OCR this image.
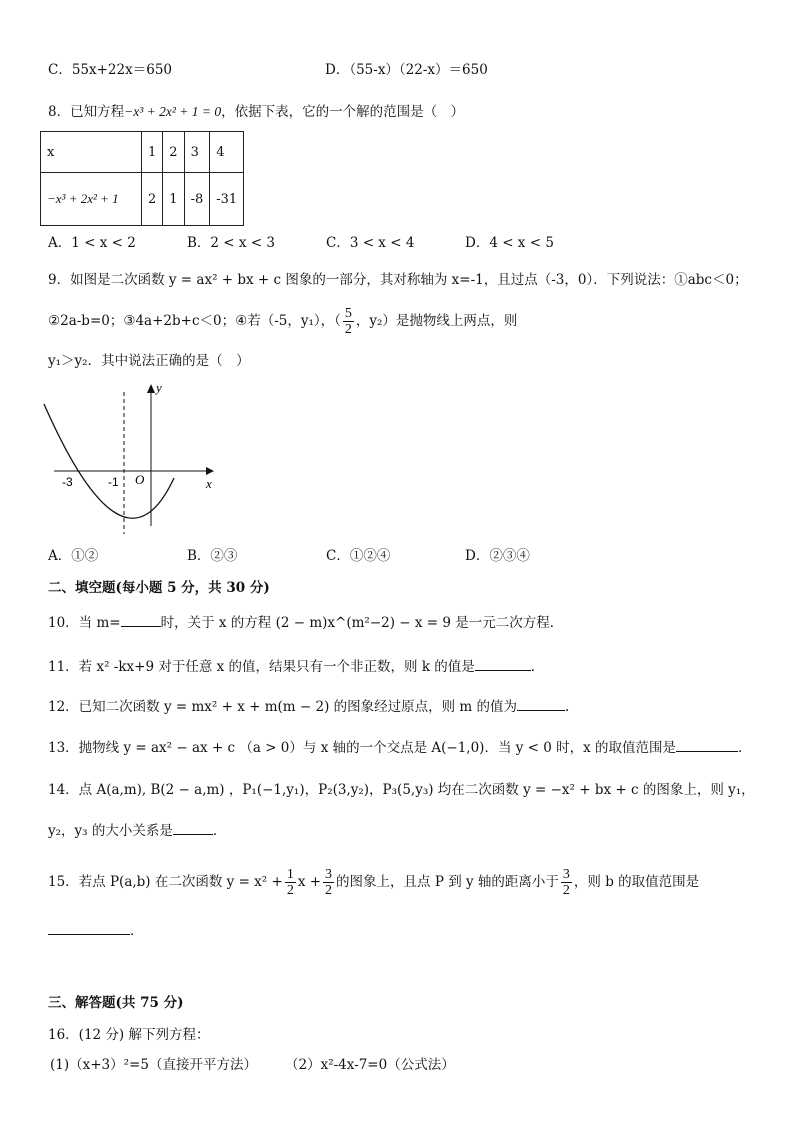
C．55x+22x＝650	D．（55-x）（22-x）＝650
8．已知方程−x³ + 2x² + 1 = 0，依据下表，它的一个解的范围是（　）
x	1	2	3	4
−x³ + 2x² + 1	2	1	-8	-31
A．1 < x < 2	B．2 < x < 3	C．3 < x < 4	D．4 < x < 5
9．如图是二次函数 y = ax² + bx + c 图象的一部分，其对称轴为 x=-1，且过点（-3，0）．下列说法：①abc＜0；
②2a-b=0；③4a+2b+c＜0；④若（-5，y₁），（ $\frac{5}{2}$ ，y₂）是抛物线上两点，则
y₁＞y₂．其中说法正确的是（　）
y
x
O
-3	-1
A．①②	B．②③	C．①②④	D．②③④
二、填空题(每小题 5 分，共 30 分)
10．当 m=	时，关于 x 的方程 (2 − m)x^(m²−2) − x = 9 是一元二次方程．
11．若 x² -kx+9 对于任意 x 的值，结果只有一个非正数，则 k 的值是	．
12．已知二次函数 y = mx² + x + m(m − 2) 的图象经过原点，则 m 的值为	.
13．抛物线 y = ax² − ax + c （a > 0）与 x 轴的一个交点是 A(−1,0)．当 y < 0 时，x 的取值范围是	．
14．点 A(a,m), B(2 − a,m) ，P₁(−1,y₁)，P₂(3,y₂)，P₃(5,y₃) 均在二次函数 y = −x² + bx + c 的图象上，则 y₁，
y₂，y₃ 的大小关系是	．
15．若点 P(a,b) 在二次函数 $y = x^2 + \frac{1}{2}$ $x + \frac{3}{2}$ 的图象上，且点 P 到 y 轴的距离小于 $\frac{3}{2}$ ，则 b 的取值范围是
．
三、解答题(共 75 分)
16．(12 分) 解下列方程：
(1)（x+3）²=5（直接开平方法） （2）x²-4x-7=0（公式法）
